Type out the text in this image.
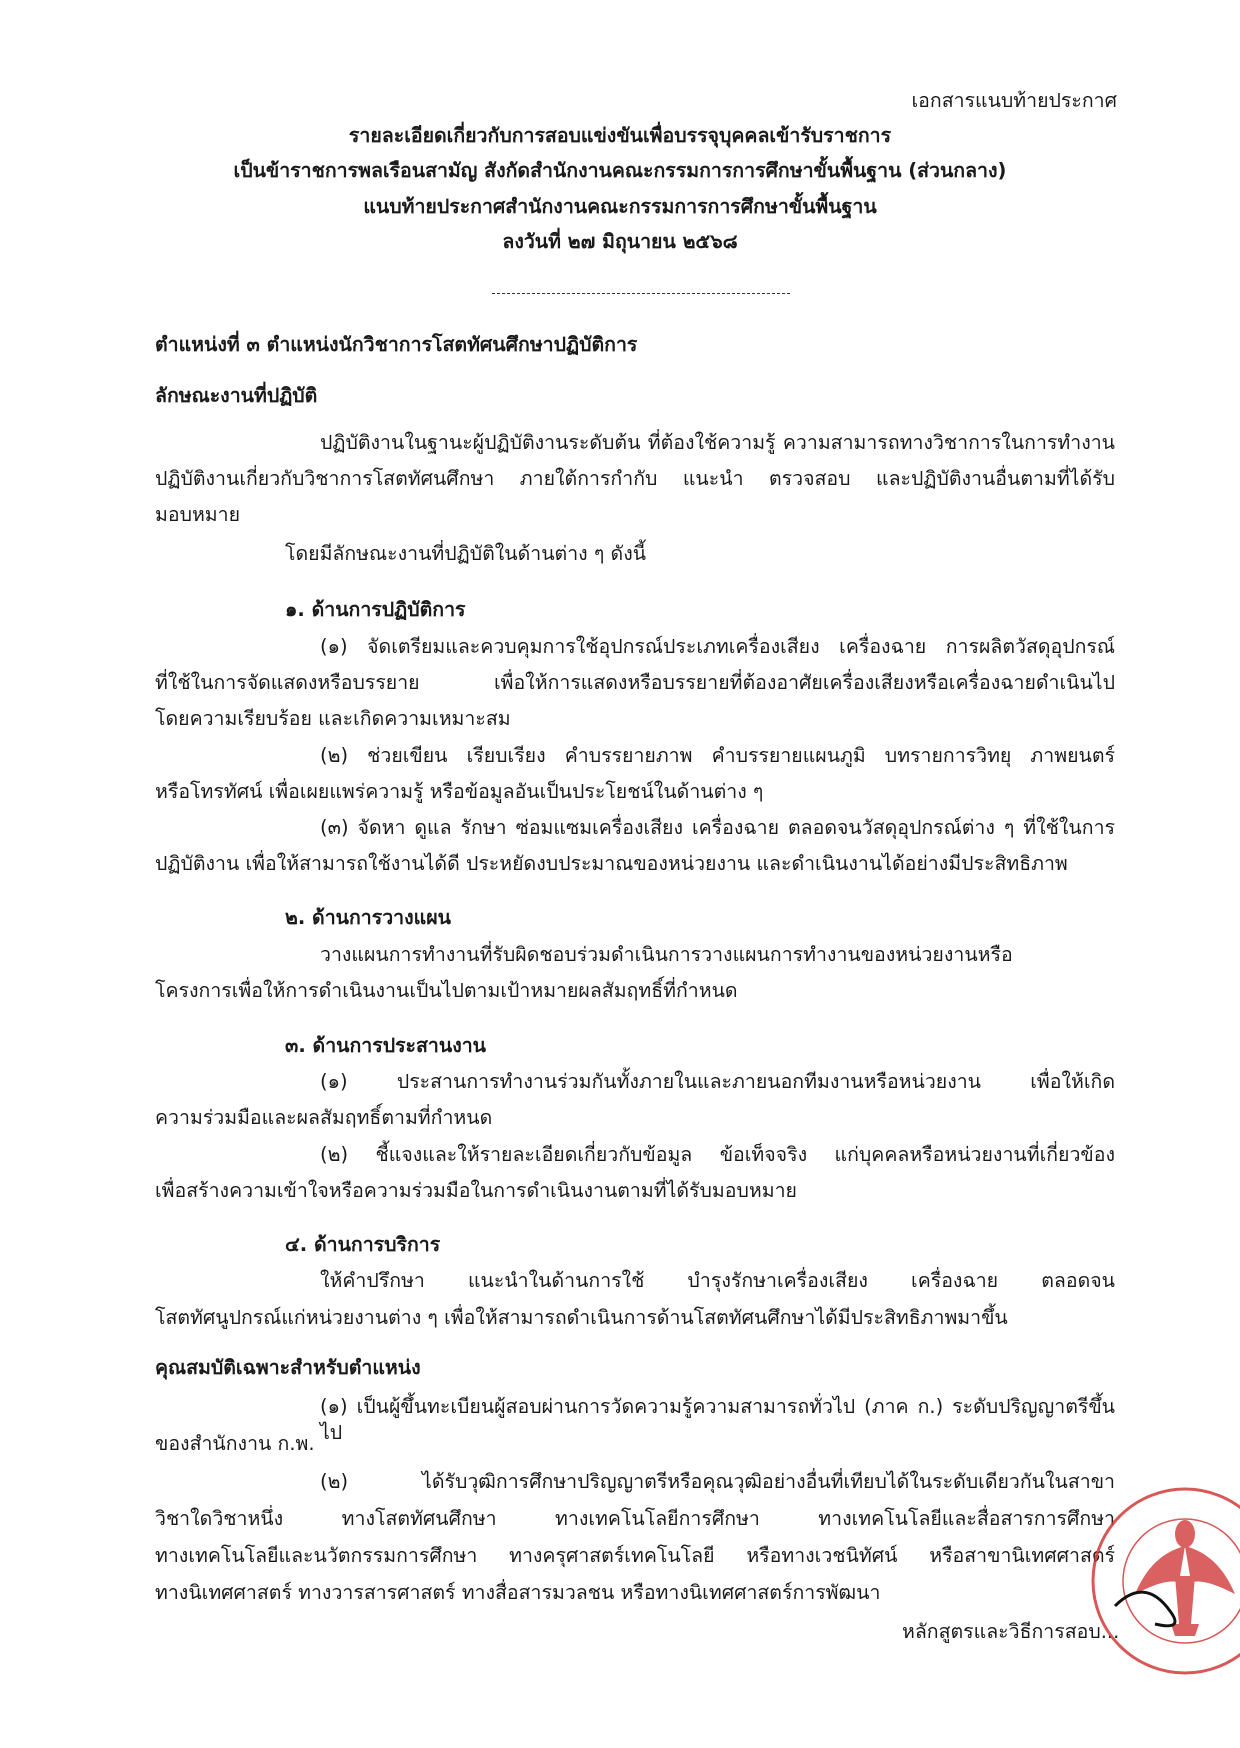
เอกสารแนบท้ายประกาศ
รายละเอียดเกี่ยวกับการสอบแข่งขันเพื่อบรรจุบุคคลเข้ารับราชการ
เป็นข้าราชการพลเรือนสามัญ สังกัดสำนักงานคณะกรรมการการศึกษาขั้นพื้นฐาน (ส่วนกลาง)
แนบท้ายประกาศสำนักงานคณะกรรมการการศึกษาขั้นพื้นฐาน
ลงวันที่ ๒๗ มิถุนายน ๒๕๖๘
ตำแหน่งที่ ๓ ตำแหน่งนักวิชาการโสตทัศนศึกษาปฏิบัติการ
ลักษณะงานที่ปฏิบัติ
ปฏิบัติงานในฐานะผู้ปฏิบัติงานระดับต้น ที่ต้องใช้ความรู้ ความสามารถทางวิชาการในการทำงาน
ปฏิบัติงานเกี่ยวกับวิชาการโสตทัศนศึกษา ภายใต้การกำกับ แนะนำ ตรวจสอบ และปฏิบัติงานอื่นตามที่ได้รับ
มอบหมาย
โดยมีลักษณะงานที่ปฏิบัติในด้านต่าง ๆ ดังนี้
๑. ด้านการปฏิบัติการ
(๑) จัดเตรียมและควบคุมการใช้อุปกรณ์ประเภทเครื่องเสียง เครื่องฉาย การผลิตวัสดุอุปกรณ์
ที่ใช้ในการจัดแสดงหรือบรรยาย เพื่อให้การแสดงหรือบรรยายที่ต้องอาศัยเครื่องเสียงหรือเครื่องฉายดำเนินไป
โดยความเรียบร้อย และเกิดความเหมาะสม
(๒) ช่วยเขียน เรียบเรียง คำบรรยายภาพ คำบรรยายแผนภูมิ บทรายการวิทยุ ภาพยนตร์
หรือโทรทัศน์ เพื่อเผยแพร่ความรู้ หรือข้อมูลอันเป็นประโยชน์ในด้านต่าง ๆ
(๓) จัดหา ดูแล รักษา ซ่อมแซมเครื่องเสียง เครื่องฉาย ตลอดจนวัสดุอุปกรณ์ต่าง ๆ ที่ใช้ในการ
ปฏิบัติงาน เพื่อให้สามารถใช้งานได้ดี ประหยัดงบประมาณของหน่วยงาน และดำเนินงานได้อย่างมีประสิทธิภาพ
๒. ด้านการวางแผน
วางแผนการทำงานที่รับผิดชอบร่วมดำเนินการวางแผนการทำงานของหน่วยงานหรือ
โครงการเพื่อให้การดำเนินงานเป็นไปตามเป้าหมายผลสัมฤทธิ์ที่กำหนด
๓. ด้านการประสานงาน
(๑) ประสานการทำงานร่วมกันทั้งภายในและภายนอกทีมงานหรือหน่วยงาน เพื่อให้เกิด
ความร่วมมือและผลสัมฤทธิ์ตามที่กำหนด
(๒) ชี้แจงและให้รายละเอียดเกี่ยวกับข้อมูล ข้อเท็จจริง แก่บุคคลหรือหน่วยงานที่เกี่ยวข้อง
เพื่อสร้างความเข้าใจหรือความร่วมมือในการดำเนินงานตามที่ได้รับมอบหมาย
๔. ด้านการบริการ
ให้คำปรึกษา แนะนำในด้านการใช้ บำรุงรักษาเครื่องเสียง เครื่องฉาย ตลอดจน
โสตทัศนูปกรณ์แก่หน่วยงานต่าง ๆ เพื่อให้สามารถดำเนินการด้านโสตทัศนศึกษาได้มีประสิทธิภาพมาขึ้น
คุณสมบัติเฉพาะสำหรับตำแหน่ง
(๑) เป็นผู้ขึ้นทะเบียนผู้สอบผ่านการวัดความรู้ความสามารถทั่วไป (ภาค ก.) ระดับปริญญาตรีขึ้นไป
ของสำนักงาน ก.พ.
(๒) ได้รับวุฒิการศึกษาปริญญาตรีหรือคุณวุฒิอย่างอื่นที่เทียบได้ในระดับเดียวกันในสาขา
วิชาใดวิชาหนึ่ง ทางโสตทัศนศึกษา ทางเทคโนโลยีการศึกษา ทางเทคโนโลยีและสื่อสารการศึกษา
ทางเทคโนโลยีและนวัตกรรมการศึกษา ทางครุศาสตร์เทคโนโลยี หรือทางเวชนิทัศน์ หรือสาขานิเทศศาสตร์
ทางนิเทศศาสตร์ ทางวารสารศาสตร์ ทางสื่อสารมวลชน หรือทางนิเทศศาสตร์การพัฒนา
หลักสูตรและวิธีการสอบ...
